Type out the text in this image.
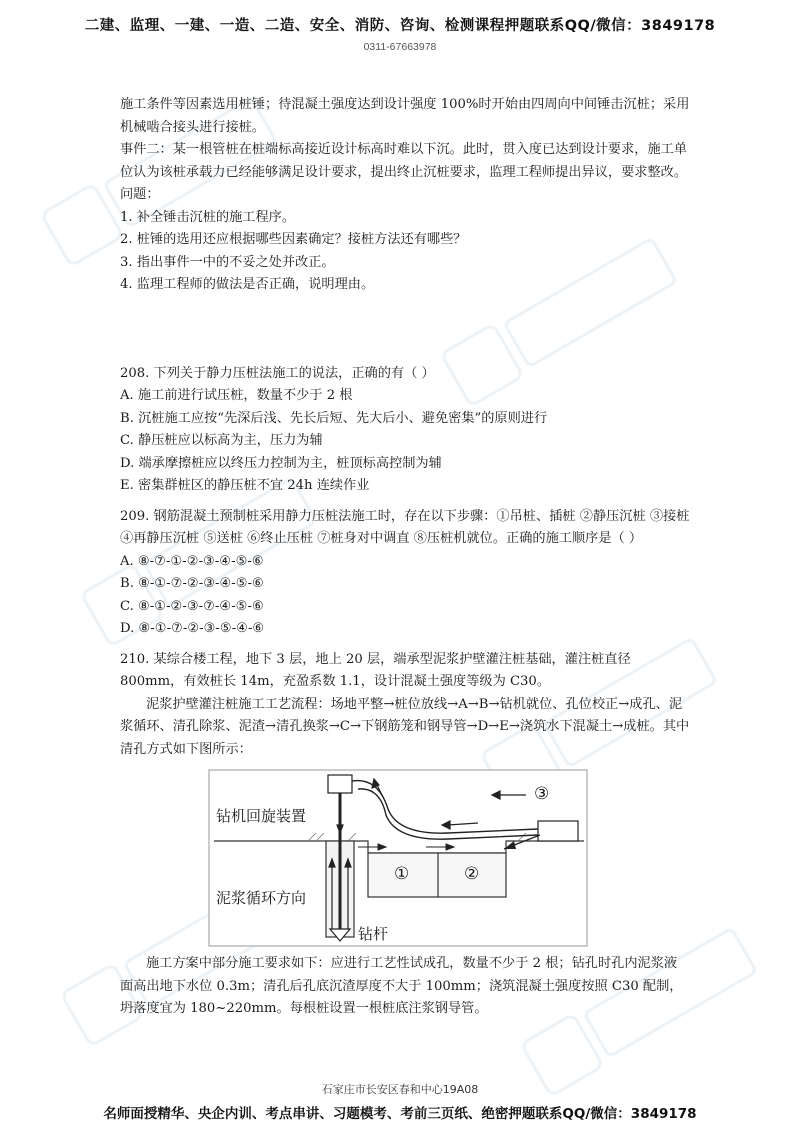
二建、监理、一建、一造、二造、安全、消防、咨询、检测课程押题联系QQ/微信：3849178
0311-67663978

施工条件等因素选用桩锤；待混凝土强度达到设计强度 100%时开始由四周向中间锤击沉桩；采用机械啮合接头进行接桩。

事件二：某一根管桩在桩端标高接近设计标高时难以下沉。此时，贯入度已达到设计要求，施工单位认为该桩承载力已经能够满足设计要求，提出终止沉桩要求，监理工程师提出异议，要求整改。

问题：

1. 补全锤击沉桩的施工程序。

2. 桩锤的选用还应根据哪些因素确定？接桩方法还有哪些？

3. 指出事件一中的不妥之处并改正。

4. 监理工程师的做法是否正确，说明理由。

208. 下列关于静力压桩法施工的说法，正确的有（ ）

A. 施工前进行试压桩，数量不少于 2 根

B. 沉桩施工应按“先深后浅、先长后短、先大后小、避免密集”的原则进行

C. 静压桩应以标高为主，压力为辅

D. 端承摩擦桩应以终压力控制为主，桩顶标高控制为辅

E. 密集群桩区的静压桩不宜 24h 连续作业

209. 钢筋混凝土预制桩采用静力压桩法施工时，存在以下步骤：①吊桩、插桩 ②静压沉桩 ③接桩 ④再静压沉桩 ⑤送桩 ⑥终止压桩 ⑦桩身对中调直 ⑧压桩机就位。正确的施工顺序是（ ）

A. ⑧-⑦-①-②-③-④-⑤-⑥

B. ⑧-①-⑦-②-③-④-⑤-⑥

C. ⑧-①-②-③-⑦-④-⑤-⑥

D. ⑧-①-⑦-②-③-⑤-④-⑥

210. 某综合楼工程，地下 3 层，地上 20 层，端承型泥浆护壁灌注桩基础，灌注桩直径 800mm，有效桩长 14m，充盈系数 1.1，设计混凝土强度等级为 C30。

泥浆护壁灌注桩施工工艺流程：场地平整→桩位放线→A→B→钻机就位、孔位校正→成孔、泥浆循环、清孔除浆、泥渣→清孔换浆→C→下钢筋笼和钢导管→D→E→浇筑水下混凝土→成桩。其中清孔方式如下图所示：

钻机回旋装置
泥浆循环方向
钻杆
①	②
③

施工方案中部分施工要求如下：应进行工艺性试成孔，数量不少于 2 根；钻孔时孔内泥浆液面高出地下水位 0.3m；清孔后孔底沉渣厚度不大于 100mm；浇筑混凝土强度按照 C30 配制，坍落度宜为 180~220mm。每根桩设置一根桩底注浆钢导管。

石家庄市长安区春和中心19A08
名师面授精华、央企内训、考点串讲、习题模考、考前三页纸、绝密押题联系QQ/微信：3849178
